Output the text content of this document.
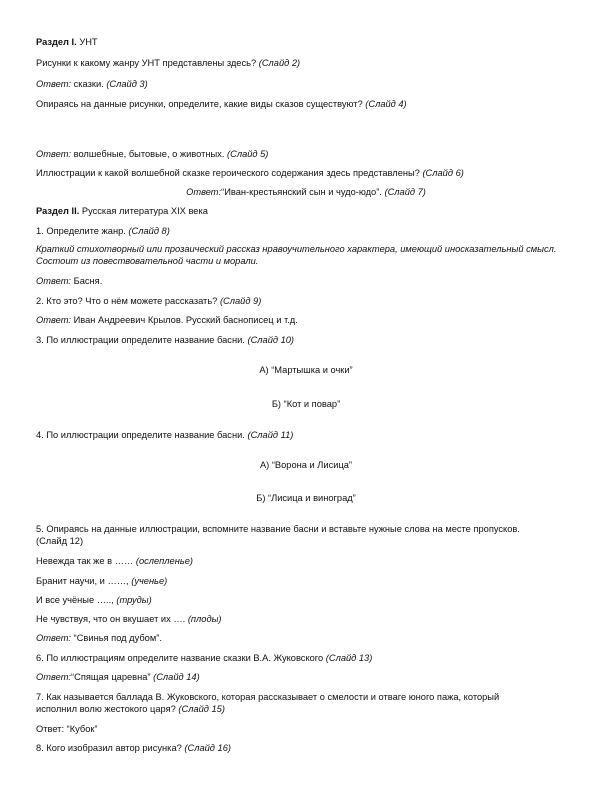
Раздел I. УНТ
Рисунки к какому жанру УНТ представлены здесь? (Слайд 2)
Ответ: сказки. (Слайд 3)
Опираясь на данные рисунки, определите, какие виды сказов существуют? (Слайд 4)
Ответ: волшебные, бытовые, о животных. (Слайд 5)
Иллюстрации к какой волшебной сказке героического содержания здесь представлены? (Слайд 6)
Ответ:“Иван-крестьянский сын и чудо-юдо”. (Слайд 7)
Раздел II. Русская литература XIX века
1. Определите жанр. (Слайд 8)
Краткий стихотворный или прозаический рассказ нравоучительного характера, имеющий иносказательный смысл.
Состоит из повествовательной части и морали.
Ответ: Басня.
2. Кто это? Что о нём можете рассказать? (Слайд 9)
Ответ: Иван Андреевич Крылов. Русский баснописец и т.д.
3. По иллюстрации определите название басни. (Слайд 10)
А) “Мартышка и очки”
Б) “Кот и повар”
4. По иллюстрации определите название басни. (Слайд 11)
А) “Ворона и Лисица”
Б) “Лисица и виноград”
5. Опираясь на данные иллюстрации, вспомните название басни и вставьте нужные слова на месте пропусков.
(Слайд 12)
Невежда так же в …… (ослепленье)
Бранит научи, и ……, (ученье)
И все учёные ….., (труды)
Не чувствуя, что он вкушает их …. (плоды)
Ответ: “Свинья под дубом”.
6. По иллюстрациям определите название сказки В.А. Жуковского (Слайд 13)
Ответ:“Спящая царевна” (Слайд 14)
7. Как называется баллада В. Жуковского, которая рассказывает о смелости и отваге юного пажа, который
исполнил волю жестокого царя? (Слайд 15)
Ответ: “Кубок”
8. Кого изобразил автор рисунка? (Слайд 16)
